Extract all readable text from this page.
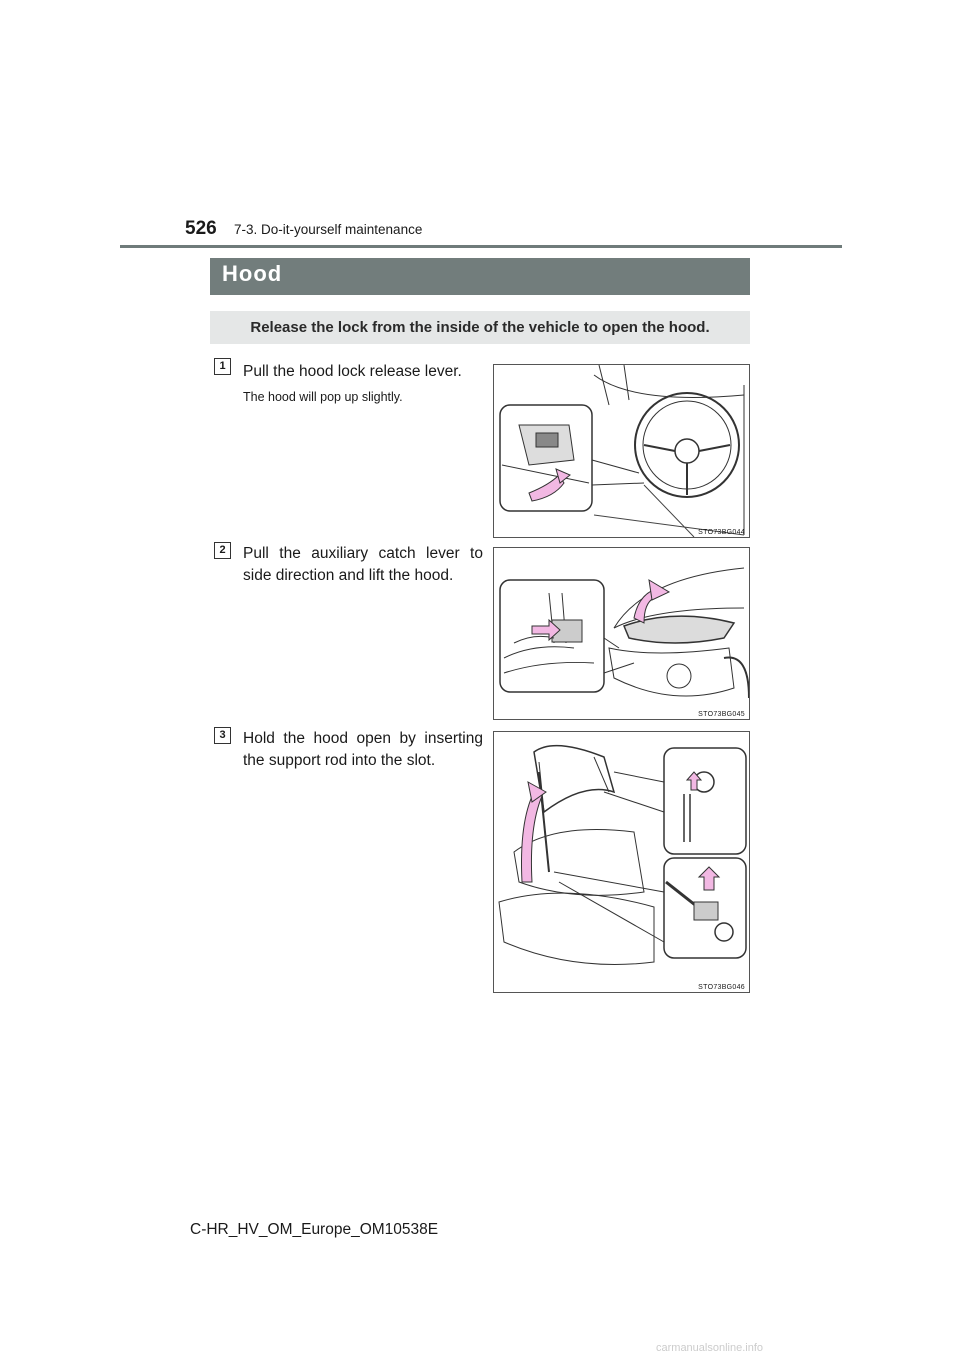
526 7-3. Do-it-yourself maintenance
Hood
Release the lock from the inside of the vehicle to open the hood.
1	Pull the hood lock release lever.
The hood will pop up slightly.
STO73BG044
2	Pull the auxiliary catch lever to side direction and lift the hood.
STO73BG045
3	Hold the hood open by inserting the support rod into the slot.
STO73BG046
C-HR_HV_OM_Europe_OM10538E
carmanualsonline.info
